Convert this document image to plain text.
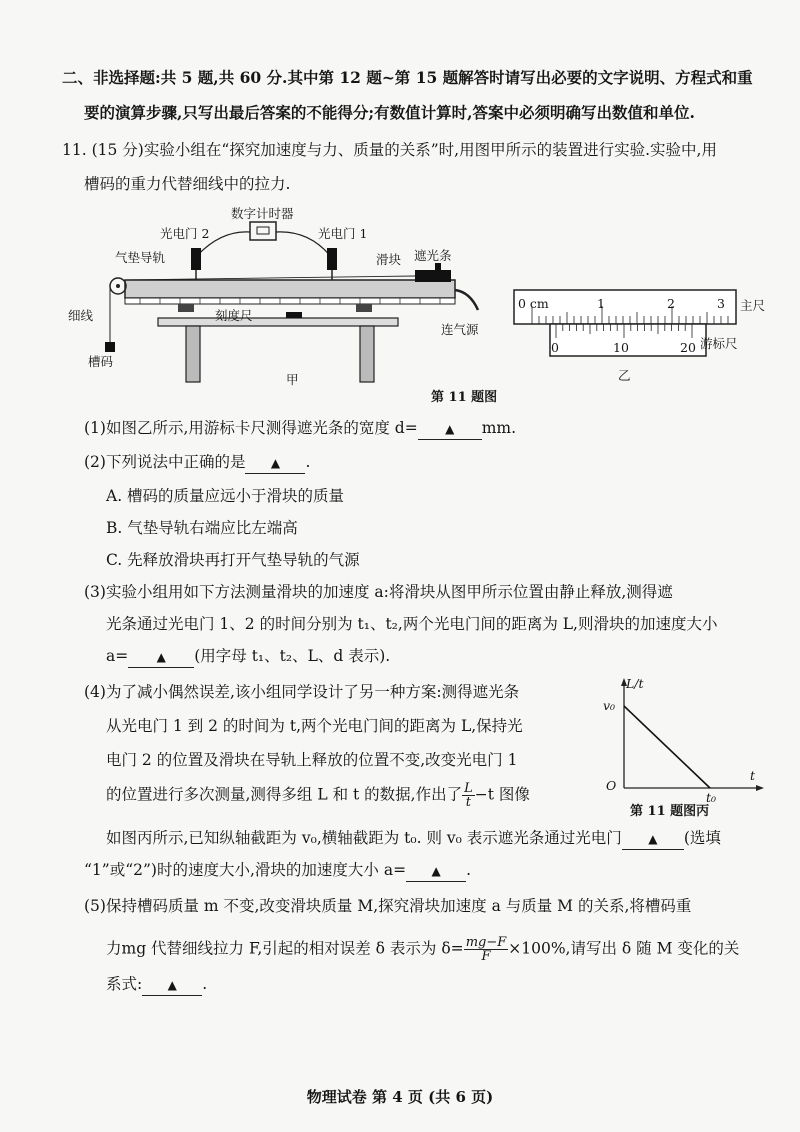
二、非选择题:共 5 题,共 60 分.其中第 12 题~第 15 题解答时请写出必要的文字说明、方程式和重
要的演算步骤,只写出最后答案的不能得分;有数值计算时,答案中必须明确写出数值和单位.
11. (15 分)实验小组在“探究加速度与力、质量的关系”时,用图甲所示的装置进行实验.实验中,用
槽码的重力代替细线中的拉力.
数字计时器
光电门 2	光电门 1
气垫导轨	滑块 遮光条
细线	刻度尺
连气源
槽码
甲
0 cm	1	2	3 主尺
0	10	20 游标尺
乙
第 11 题图
(1)如图乙所示,用游标卡尺测得遮光条的宽度 d= ▲ mm.
(2)下列说法中正确的是 ▲ .
A. 槽码的质量应远小于滑块的质量
B. 气垫导轨右端应比左端高
C. 先释放滑块再打开气垫导轨的气源
(3)实验小组用如下方法测量滑块的加速度 a:将滑块从图甲所示位置由静止释放,测得遮
光条通过光电门 1、2 的时间分别为 t₁、t₂,两个光电门间的距离为 L,则滑块的加速度大小
a= ▲ (用字母 t₁、t₂、L、d 表示).
(4)为了减小偶然误差,该小组同学设计了另一种方案:测得遮光条
从光电门 1 到 2 的时间为 t,两个光电门间的距离为 L,保持光
电门 2 的位置及滑块在导轨上释放的位置不变,改变光电门 1
的位置进行多次测量,测得多组 L 和 t 的数据,作出了 $\frac{L}{t} -t$ 图像
如图丙所示,已知纵轴截距为 v₀,横轴截距为 t₀. 则 v₀ 表示遮光条通过光电门 ▲ (选填
“1”或“2”)时的速度大小,滑块的加速度大小 a= ▲ .
L/t
v₀
O
t₀
t
第 11 题图丙
(5)保持槽码质量 m 不变,改变滑块质量 M,探究滑块加速度 a 与质量 M 的关系,将槽码重
力mg 代替细线拉力 F,引起的相对误差 δ 表示为 $\delta= \frac{mg-F}{F} \times 100\%$,请写出 δ 随 M 变化的关
系式: ▲ .
物理试卷 第 4 页 (共 6 页)
